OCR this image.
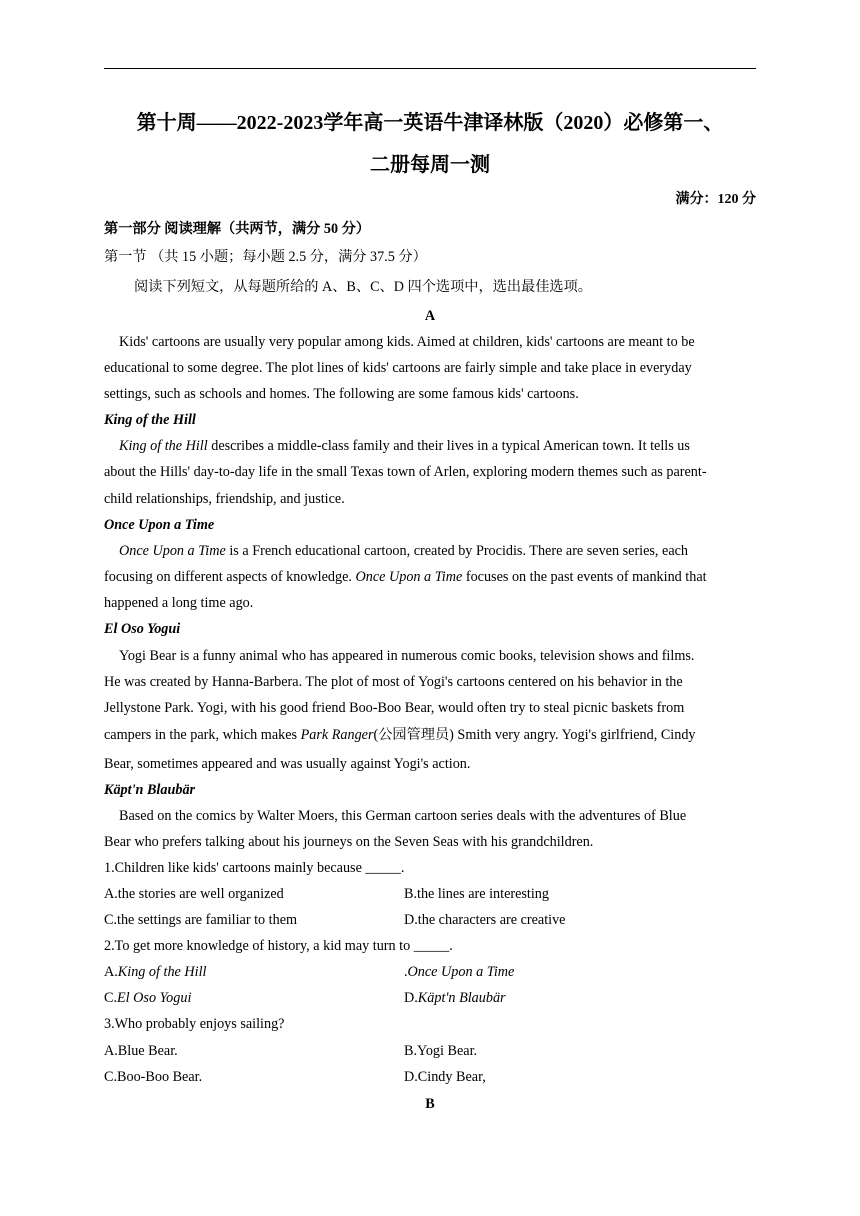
第十周——2022-2023学年高一英语牛津译林版（2020）必修第一、
二册每周一测
满分：120 分
第一部分 阅读理解（共两节，满分 50 分）
第一节 （共 15 小题；每小题 2.5 分，满分 37.5 分）
阅读下列短文，从每题所给的 A、B、C、D 四个选项中，选出最佳选项。
A
Kids' cartoons are usually very popular among kids. Aimed at children, kids' cartoons are meant to be
educational to some degree. The plot lines of kids' cartoons are fairly simple and take place in everyday
settings, such as schools and homes. The following are some famous kids' cartoons.
King of the Hill
King of the Hill describes a middle-class family and their lives in a typical American town. It tells us
about the Hills' day-to-day life in the small Texas town of Arlen, exploring modern themes such as parent-
child relationships, friendship, and justice.
Once Upon a Time
Once Upon a Time is a French educational cartoon, created by Procidis. There are seven series, each
focusing on different aspects of knowledge. Once Upon a Time focuses on the past events of mankind that
happened a long time ago.
El Oso Yogui
Yogi Bear is a funny animal who has appeared in numerous comic books, television shows and films.
He was created by Hanna-Barbera. The plot of most of Yogi's cartoons centered on his behavior in the
Jellystone Park. Yogi, with his good friend Boo-Boo Bear, would often try to steal picnic baskets from
campers in the park, which makes Park Ranger(公园管理员) Smith very angry. Yogi's girlfriend, Cindy
Bear, sometimes appeared and was usually against Yogi's action.
Käpt'n Blaubär
Based on the comics by Walter Moers, this German cartoon series deals with the adventures of Blue
Bear who prefers talking about his journeys on the Seven Seas with his grandchildren.
1.Children like kids' cartoons mainly because _____.
A.the stories are well organized	B.the lines are interesting
C.the settings are familiar to them	D.the characters are creative
2.To get more knowledge of history, a kid may turn to _____.
A.King of the Hill	.Once Upon a Time
C.El Oso Yogui	D.Käpt'n Blaubär
3.Who probably enjoys sailing?
A.Blue Bear.	B.Yogi Bear.
C.Boo-Boo Bear.	D.Cindy Bear,
B
